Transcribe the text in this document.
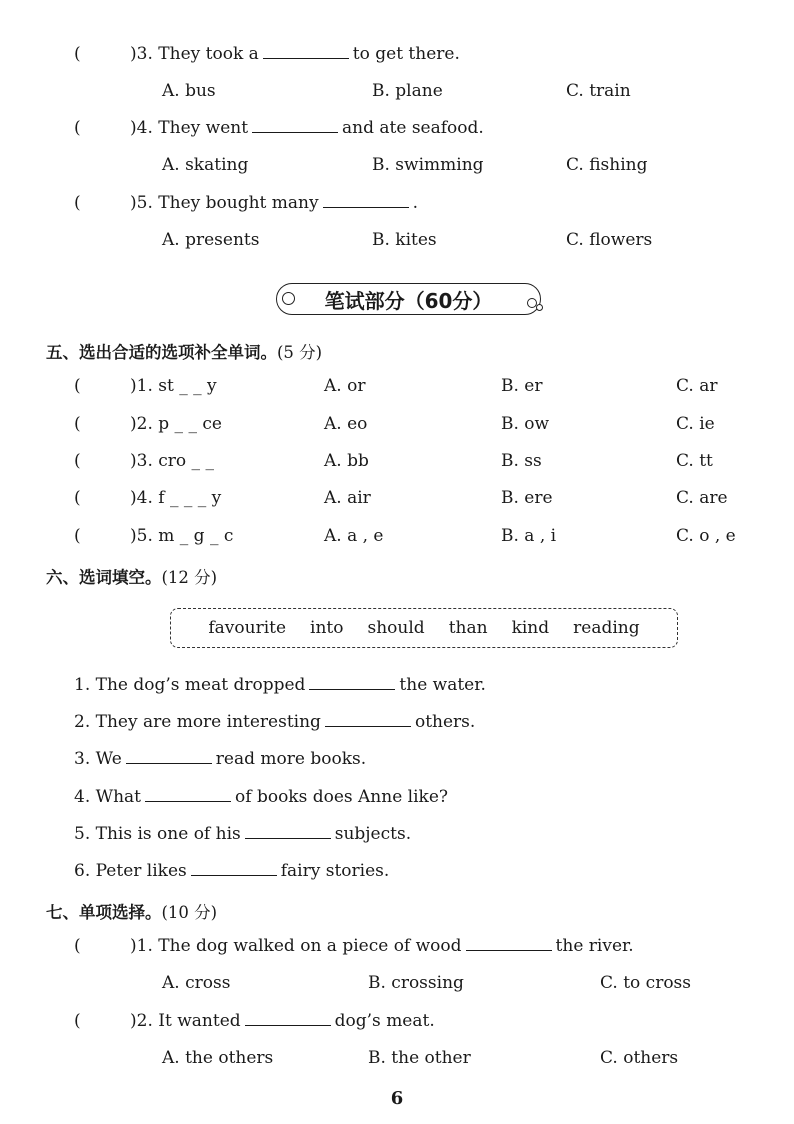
(	)3. They took a	to get there.
A. bus	B. plane	C. train
(	)4. They went	and ate seafood.
A. skating	B. swimming	C. fishing
(	)5. They bought many	.
A. presents	B. kites	C. flowers
笔试部分（60分）
五、选出合适的选项补全单词。(5 分)
(	)1. st _ _ y	A. or	B. er	C. ar
(	)2. p _ _ ce	A. eo	B. ow	C. ie
(	)3. cro _ _	A. bb	B. ss	C. tt
(	)4. f _ _ _ y	A. air	B. ere	C. are
(	)5. m _ g _ c	A. a , e	B. a , i	C. o , e
六、选词填空。(12 分)
favourite into should than kind reading
1. The dog’s meat dropped	the water.
2. They are more interesting	others.
3. We	read more books.
4. What	of books does Anne like?
5. This is one of his	subjects.
6. Peter likes	fairy stories.
七、单项选择。(10 分)
(	)1. The dog walked on a piece of wood	the river.
A. cross	B. crossing	C. to cross
(	)2. It wanted	dog’s meat.
A. the others	B. the other	C. others
6
